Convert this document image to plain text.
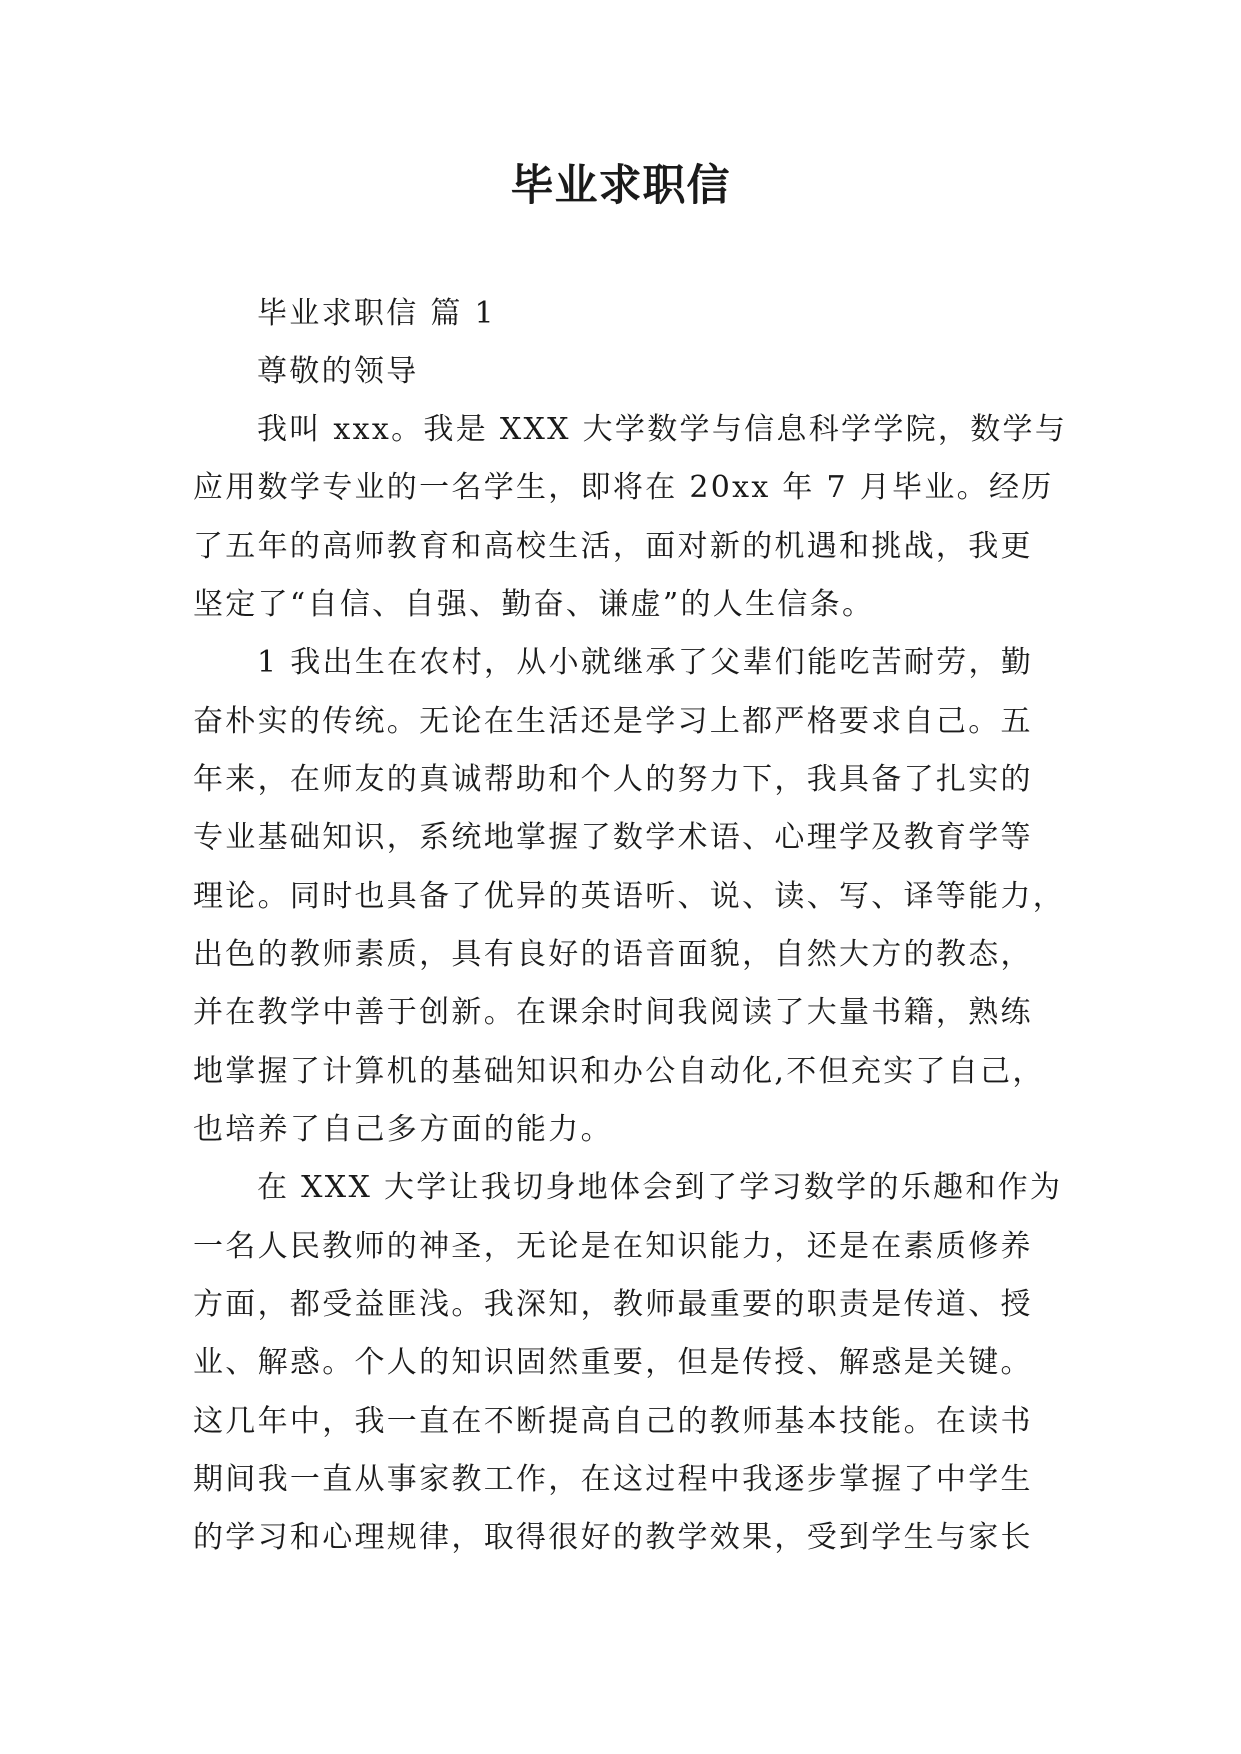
毕业求职信

毕业求职信 篇 1

尊敬的领导

我叫 xxx。我是 XXX 大学数学与信息科学学院，数学与

应用数学专业的一名学生，即将在 20xx 年 7 月毕业。经历

了五年的高师教育和高校生活，面对新的机遇和挑战，我更

坚定了“自信、自强、勤奋、谦虚”的人生信条。

1 我出生在农村，从小就继承了父辈们能吃苦耐劳，勤

奋朴实的传统。无论在生活还是学习上都严格要求自己。五

年来，在师友的真诚帮助和个人的努力下，我具备了扎实的

专业基础知识，系统地掌握了数学术语、心理学及教育学等

理论。同时也具备了优异的英语听、说、读、写、译等能力，

出色的教师素质，具有良好的语音面貌，自然大方的教态，

并在教学中善于创新。在课余时间我阅读了大量书籍，熟练

地掌握了计算机的基础知识和办公自动化,不但充实了自己，

也培养了自己多方面的能力。

在 XXX 大学让我切身地体会到了学习数学的乐趣和作为

一名人民教师的神圣，无论是在知识能力，还是在素质修养

方面，都受益匪浅。我深知，教师最重要的职责是传道、授

业、解惑。个人的知识固然重要，但是传授、解惑是关键。

这几年中，我一直在不断提高自己的教师基本技能。在读书

期间我一直从事家教工作，在这过程中我逐步掌握了中学生

的学习和心理规律，取得很好的教学效果，受到学生与家长
